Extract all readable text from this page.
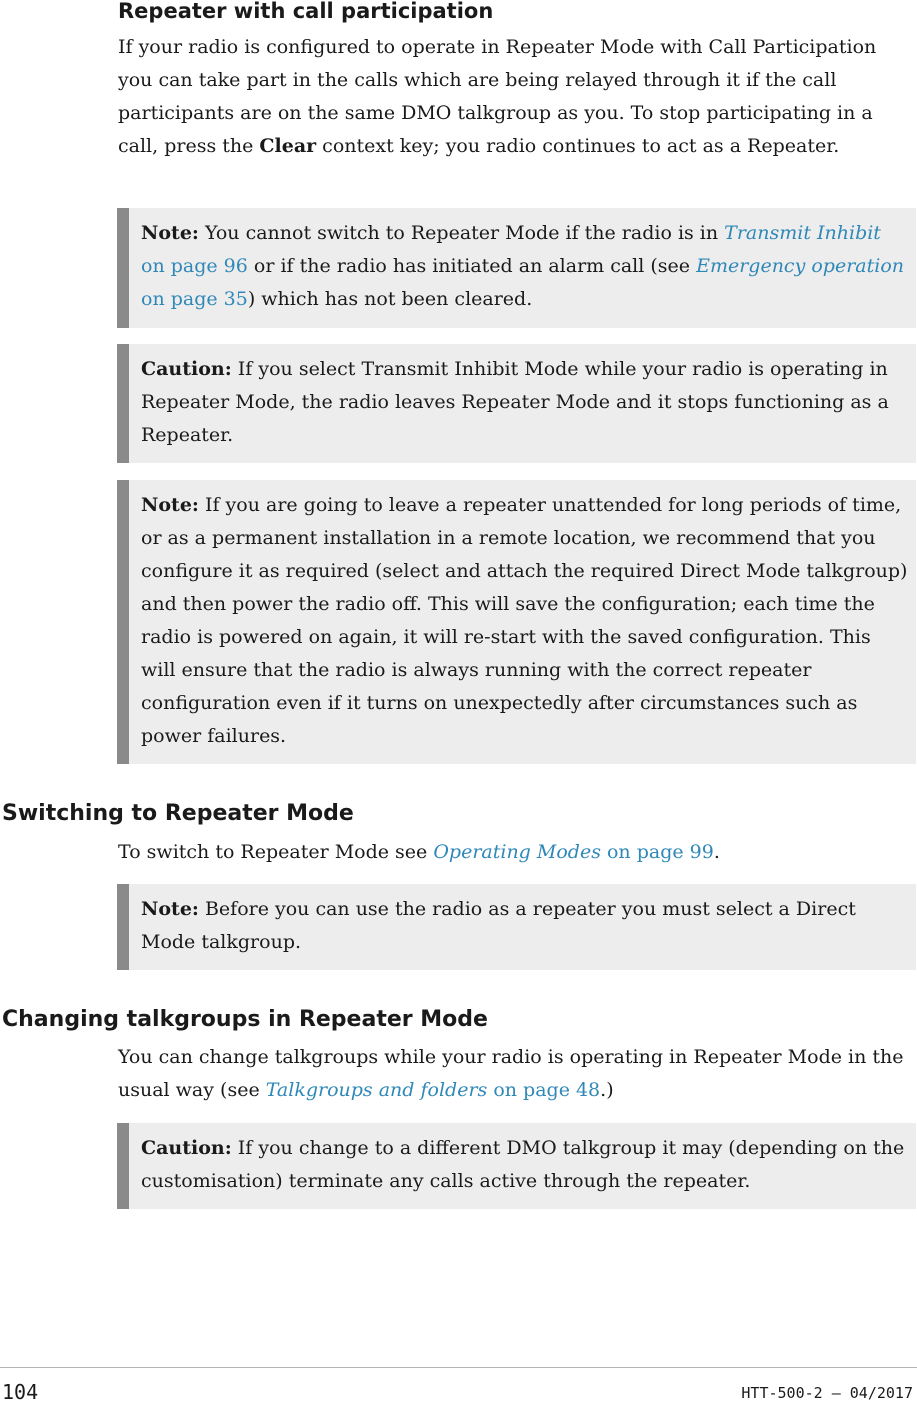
Repeater with call participation

If your radio is configured to operate in Repeater Mode with Call Participation you can take part in the calls which are being relayed through it if the call participants are on the same DMO talkgroup as you. To stop participating in a call, press the Clear context key; you radio continues to act as a Repeater.

Note: You cannot switch to Repeater Mode if the radio is in Transmit Inhibit on page 96 or if the radio has initiated an alarm call (see Emergency operation on page 35) which has not been cleared.
Caution: If you select Transmit Inhibit Mode while your radio is operating in Repeater Mode, the radio leaves Repeater Mode and it stops functioning as a Repeater.
Note: If you are going to leave a repeater unattended for long periods of time, or as a permanent installation in a remote location, we recommend that you configure it as required (select and attach the required Direct Mode talkgroup) and then power the radio off. This will save the configuration; each time the radio is powered on again, it will re-start with the saved configuration. This will ensure that the radio is always running with the correct repeater configuration even if it turns on unexpectedly after circumstances such as power failures.
Switching to Repeater Mode

To switch to Repeater Mode see Operating Modes on page 99.

Note: Before you can use the radio as a repeater you must select a Direct Mode talkgroup.
Changing talkgroups in Repeater Mode

You can change talkgroups while your radio is operating in Repeater Mode in the usual way (see Talkgroups and folders on page 48.)

Caution: If you change to a different DMO talkgroup it may (depending on the customisation) terminate any calls active through the repeater.
104	HTT-500-2 – 04/2017
